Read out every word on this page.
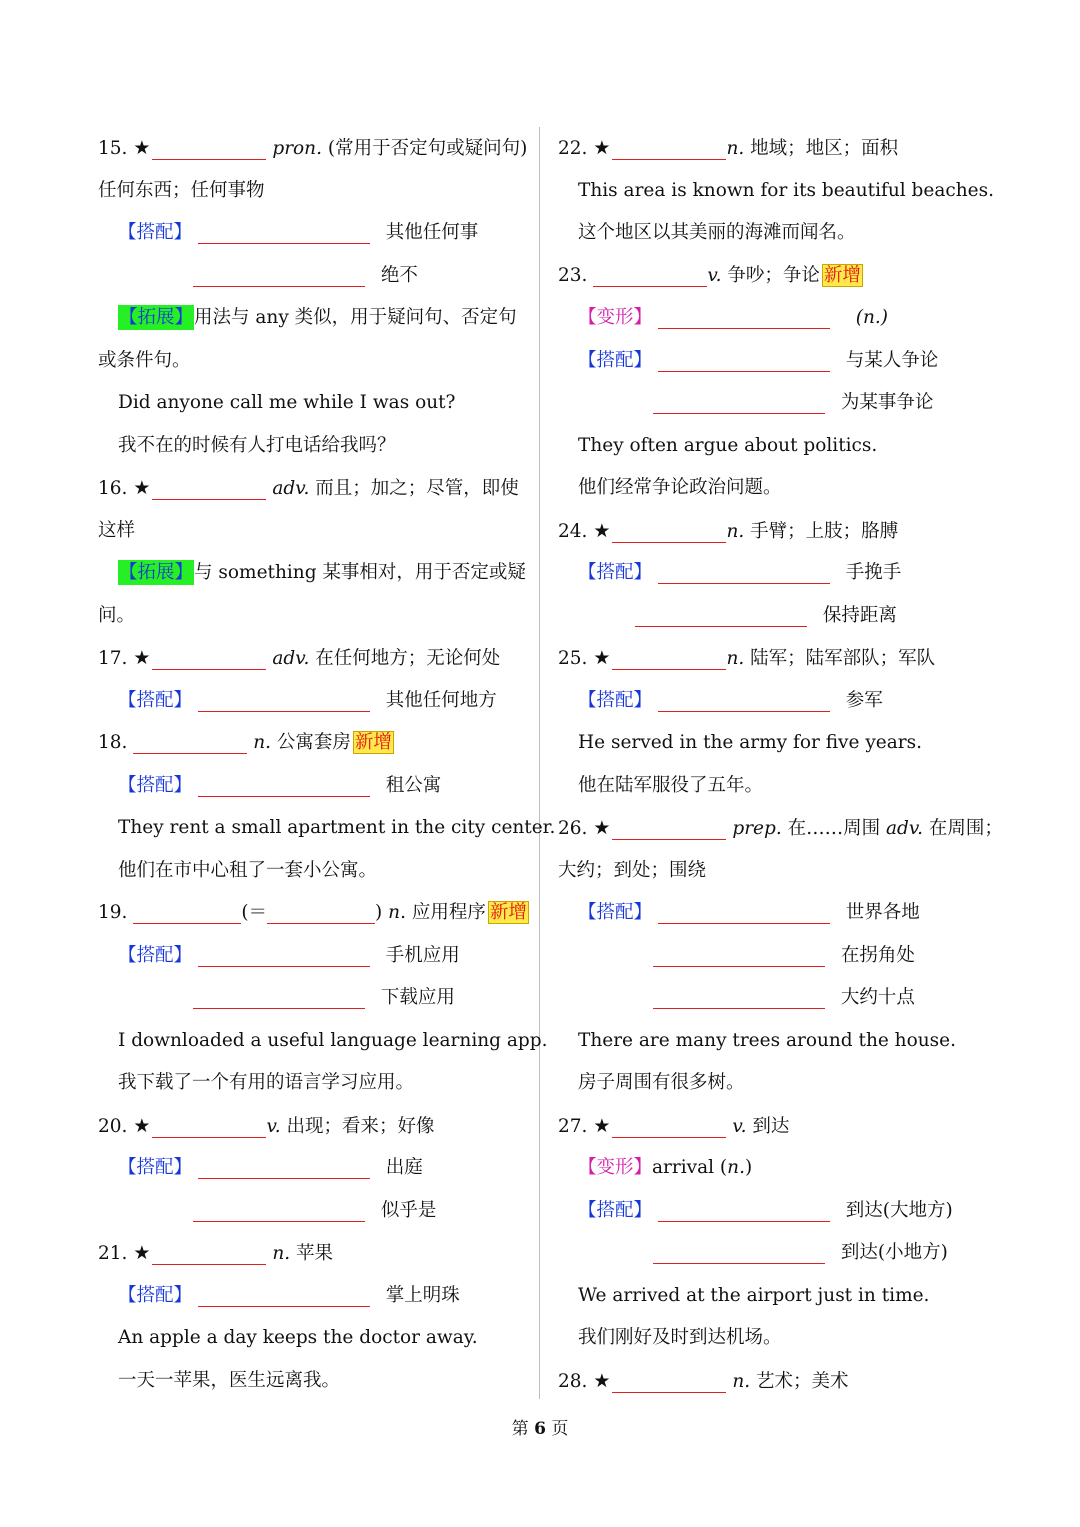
15. ★	pron. (常用于否定句或疑问句)
任何东西；任何事物
【搭配】	其他任何事
绝不
【拓展】用法与 any 类似，用于疑问句、否定句
或条件句。
Did anyone call me while I was out?
我不在的时候有人打电话给我吗？
16. ★	adv. 而且；加之；尽管，即使
这样
【拓展】与 something 某事相对，用于否定或疑
问。
17. ★	adv. 在任何地方；无论何处
【搭配】	其他任何地方
18.	n. 公寓套房 新增
【搭配】	租公寓
They rent a small apartment in the city center.
他们在市中心租了一套小公寓。
19.	(＝	) n. 应用程序 新增
【搭配】	手机应用
下载应用
I downloaded a useful language learning app.
我下载了一个有用的语言学习应用。
20. ★	v. 出现；看来；好像
【搭配】	出庭
似乎是
21. ★	n. 苹果
【搭配】	掌上明珠
An apple a day keeps the doctor away.
一天一苹果，医生远离我。
22. ★	n. 地域；地区；面积
This area is known for its beautiful beaches.
这个地区以其美丽的海滩而闻名。
23.	v. 争吵；争论 新增
【变形】	(n.)
【搭配】	与某人争论
为某事争论
They often argue about politics.
他们经常争论政治问题。
24. ★	n. 手臂；上肢；胳膊
【搭配】	手挽手
保持距离
25. ★	n. 陆军；陆军部队；军队
【搭配】	参军
He served in the army for five years.
他在陆军服役了五年。
26. ★	prep. 在……周围 adv. 在周围；
大约；到处；围绕
【搭配】	世界各地
在拐角处
大约十点
There are many trees around the house.
房子周围有很多树。
27. ★	v. 到达
【变形】arrival (n.)
【搭配】	到达(大地方)
到达(小地方)
We arrived at the airport just in time.
我们刚好及时到达机场。
28. ★	n. 艺术；美术
第 6 页
